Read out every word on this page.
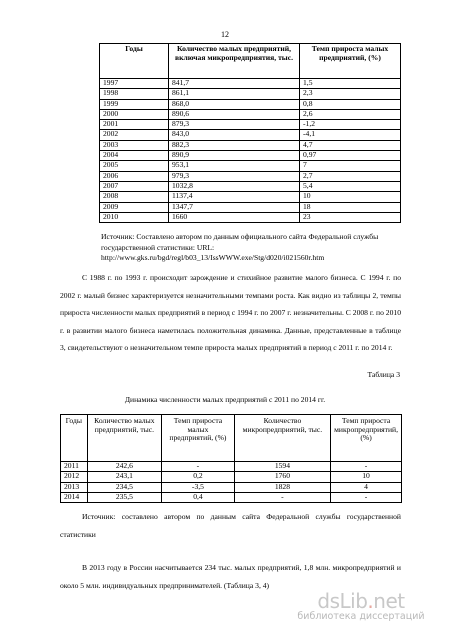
12
Годы	Количество малых предприятий, включая микропредприятия, тыс.	Темп прироста малых предприятий, (%)
1997	841,7	1,5
1998	861,1	2,3
1999	868,0	0,8
2000	890,6	2,6
2001	879,3	-1,2
2002	843,0	-4,1
2003	882,3	4,7
2004	890,9	0,97
2005	953,1	7
2006	979,3	2,7
2007	1032,8	5,4
2008	1137,4	10
2009	1347,7	18
2010	1660	23
Источник: Составлено автором по данным официального сайта Федеральной службы государственной статистики: URL: http://www.gks.ru/bgd/regl/b03_13/IssWWW.exe/Stg/d020/i021560r.htm
С 1988 г. по 1993 г. происходит зарождение и стихийное развитие малого бизнеса. С 1994 г. по 2002 г. малый бизнес характеризуется незначительными темпами роста. Как видно из таблицы 2, темпы прироста численности малых предприятий в период с 1994 г. по 2007 г. незначительны. С 2008 г. по 2010 г. в развитии малого бизнеса наметилась положительная динамика. Данные, представленные в таблице 3, свидетельствуют о незначительном темпе прироста малых предприятий в период с 2011 г. по 2014 г.
Таблица 3
Динамика численности малых предприятий с 2011 по 2014 гг.
Годы	Количество малых предприятий, тыс.	Темп прироста малых предприятий, (%)	Количество микропредприятий, тыс.	Темп прироста микропредприятий, (%)
2011	242,6	-	1594	-
2012	243,1	0,2	1760	10
2013	234,5	-3,5	1828	4
2014	235,5	0,4	-	-
Источник: составлено автором по данным сайта Федеральной службы государственной статистики
В 2013 году в России насчитывается 234 тыс. малых предприятий, 1,8 млн. микропредприятий и около 5 млн. индивидуальных предпринимателей. (Таблица 3, 4)
dsLib.net
библиотека диссертаций
